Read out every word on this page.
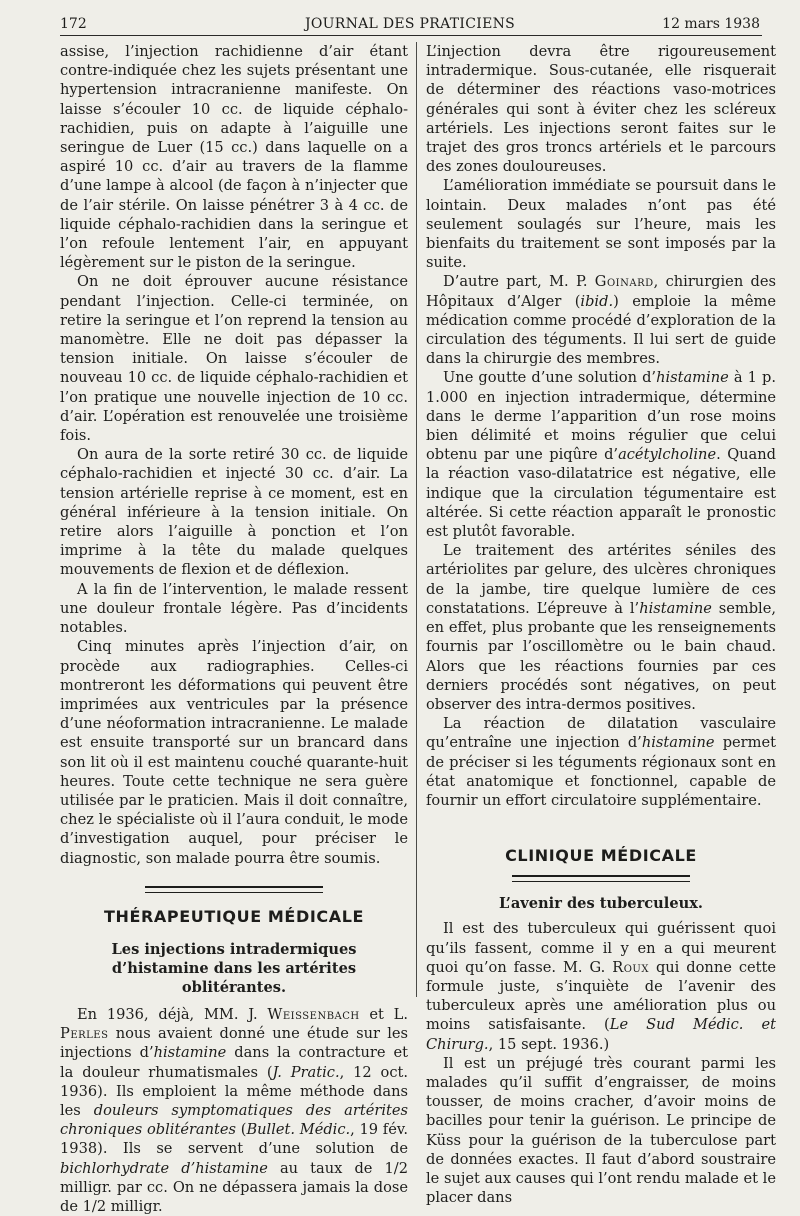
172	JOURNAL DES PRATICIENS	12 mars 1938

assise, l’injection rachidienne d’air étant contre-indiquée chez les sujets présentant une hypertension intracranienne manifeste. On laisse s’écouler 10 cc. de liquide céphalo-rachidien, puis on adapte à l’aiguille une seringue de Luer (15 cc.) dans laquelle on a aspiré 10 cc. d’air au travers de la flamme d’une lampe à alcool (de façon à n’injecter que de l’air stérile. On laisse pénétrer 3 à 4 cc. de liquide céphalo-rachidien dans la seringue et l’on refoule lentement l’air, en appuyant légèrement sur le piston de la seringue.

On ne doit éprouver aucune résistance pendant l’injection. Celle-ci terminée, on retire la seringue et l’on reprend la tension au manomètre. Elle ne doit pas dépasser la tension initiale. On laisse s’écouler de nouveau 10 cc. de liquide céphalo-rachidien et l’on pratique une nouvelle injection de 10 cc. d’air. L’opération est renouvelée une troisième fois.

On aura de la sorte retiré 30 cc. de liquide céphalo-rachidien et injecté 30 cc. d’air. La tension artérielle reprise à ce moment, est en général inférieure à la tension initiale. On retire alors l’aiguille à ponction et l’on imprime à la tête du malade quelques mouvements de flexion et de déflexion.

A la fin de l’intervention, le malade ressent une douleur frontale légère. Pas d’incidents notables.

Cinq minutes après l’injection d’air, on procède aux radiographies. Celles-ci montreront les déformations qui peuvent être imprimées aux ventricules par la présence d’une néoformation intracranienne. Le malade est ensuite transporté sur un brancard dans son lit où il est maintenu couché quarante-huit heures. Toute cette technique ne sera guère utilisée par le praticien. Mais il doit connaître, chez le spécialiste où il l’aura conduit, le mode d’investigation auquel, pour préciser le diagnostic, son malade pourra être soumis.

THÉRAPEUTIQUE MÉDICALE
Les injections intradermiques
d’histamine dans les artérites oblitérantes.

En 1936, déjà, MM. J. Weissenbach et L. Perles nous avaient donné une étude sur les injections d’histamine dans la contracture et la douleur rhumatismales (J. Pratic., 12 oct. 1936). Ils emploient la même méthode dans les douleurs symptomatiques des artérites chroniques oblitérantes (Bullet. Médic., 19 fév. 1938). Ils se servent d’une solution de bichlorhydrate d’histamine au taux de 1/2 milligr. par cc. On ne dépassera jamais la dose de 1/2 milligr.

L’injection devra être rigoureusement intradermique. Sous-cutanée, elle risquerait de déterminer des réactions vaso-motrices générales qui sont à éviter chez les scléreux artériels. Les injections seront faites sur le trajet des gros troncs artériels et le parcours des zones douloureuses.

L’amélioration immédiate se poursuit dans le lointain. Deux malades n’ont pas été seulement soulagés sur l’heure, mais les bienfaits du traitement se sont imposés par la suite.

D’autre part, M. P. Goinard, chirurgien des Hôpitaux d’Alger (ibid.) emploie la même médication comme procédé d’exploration de la circulation des téguments. Il lui sert de guide dans la chirurgie des membres.

Une goutte d’une solution d’histamine à 1 p. 1.000 en injection intradermique, détermine dans le derme l’apparition d’un rose moins bien délimité et moins régulier que celui obtenu par une piqûre d’acétylcholine. Quand la réaction vaso-dilatatrice est négative, elle indique que la circulation tégumentaire est altérée. Si cette réaction apparaît le pronostic est plutôt favorable.

Le traitement des artérites séniles des artériolites par gelure, des ulcères chroniques de la jambe, tire quelque lumière de ces constatations. L’épreuve à l’histamine semble, en effet, plus probante que les renseignements fournis par l’oscillomètre ou le bain chaud. Alors que les réactions fournies par ces derniers procédés sont négatives, on peut observer des intra-dermos positives.

La réaction de dilatation vasculaire qu’entraîne une injection d’histamine permet de préciser si les téguments régionaux sont en état anatomique et fonctionnel, capable de fournir un effort circulatoire supplémentaire.

CLINIQUE MÉDICALE
L’avenir des tuberculeux.

Il est des tuberculeux qui guérissent quoi qu’ils fassent, comme il y en a qui meurent quoi qu’on fasse. M. G. Roux qui donne cette formule juste, s’inquiète de l’avenir des tuberculeux après une amélioration plus ou moins satisfaisante. (Le Sud Médic. et Chirurg., 15 sept. 1936.)

Il est un préjugé très courant parmi les malades qu’il suffit d’engraisser, de moins tousser, de moins cracher, d’avoir moins de bacilles pour tenir la guérison. Le principe de Küss pour la guérison de la tuberculose part de données exactes. Il faut d’abord soustraire le sujet aux causes qui l’ont rendu malade et le placer dans
